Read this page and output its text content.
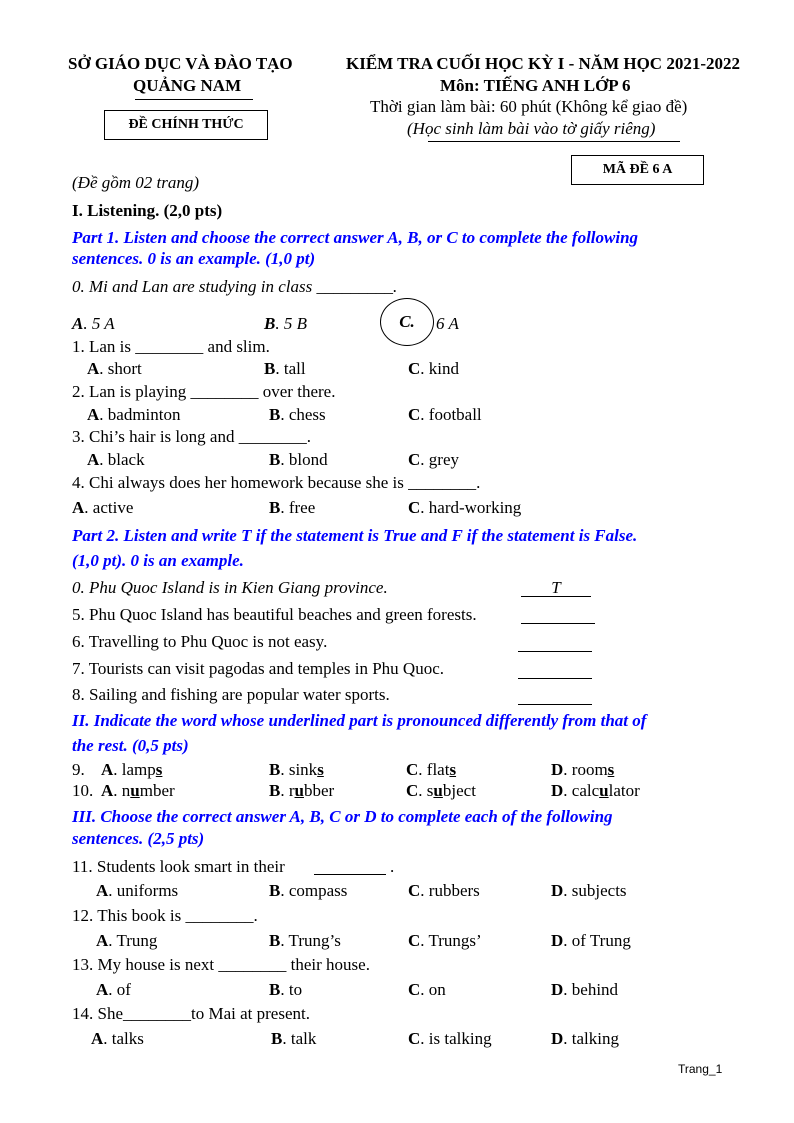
SỞ GIÁO DỤC VÀ ĐÀO TẠO
QUẢNG NAM
ĐỀ CHÍNH THỨC
KIỂM TRA CUỐI HỌC KỲ I - NĂM HỌC 2021-2022
Môn: TIẾNG ANH LỚP 6
Thời gian làm bài: 60 phút (Không kể giao đề)
(Học sinh làm bài vào tờ giấy riêng)
MÃ ĐỀ 6 A
(Đề gồm 02 trang)
I. Listening. (2,0 pts)
Part 1. Listen and choose the correct answer A, B, or C to complete the following
sentences. 0 is an example. (1,0 pt)
0. Mi and Lan are studying in class _________.
A. 5 A	B. 5 B	C.	6 A
1. Lan is ________ and slim.
A. short	B. tall	C. kind
2. Lan is playing ________ over there.
A. badminton	B. chess	C. football
3. Chi’s hair is long and ________.
A. black	B. blond	C. grey
4. Chi always does her homework because she is ________.
A. active	B. free	C. hard-working
Part 2. Listen and write T if the statement is True and F if the statement is False.
(1,0 pt). 0 is an example.
0. Phu Quoc Island is in Kien Giang province.	T
5. Phu Quoc Island has beautiful beaches and green forests.
6. Travelling to Phu Quoc is not easy.
7. Tourists can visit pagodas and temples in Phu Quoc.
8. Sailing and fishing are popular water sports.
II. Indicate the word whose underlined part is pronounced differently from that of
the rest. (0,5 pts)
9. A. lamps	B. sinks	C. flats	D. rooms
10. A. number	B. rubber	C. subject	D. calculator
III. Choose the correct answer A, B, C or D to complete each of the following
sentences. (2,5 pts)
11. Students look smart in their	.
A. uniforms	B. compass	C. rubbers	D. subjects
12. This book is ________.
A. Trung	B. Trung’s	C. Trungs’	D. of Trung
13. My house is next ________ their house.
A. of	B. to	C. on	D. behind
14. She________to Mai at present.
A. talks	B. talk	C. is talking	D. talking
Trang_1
